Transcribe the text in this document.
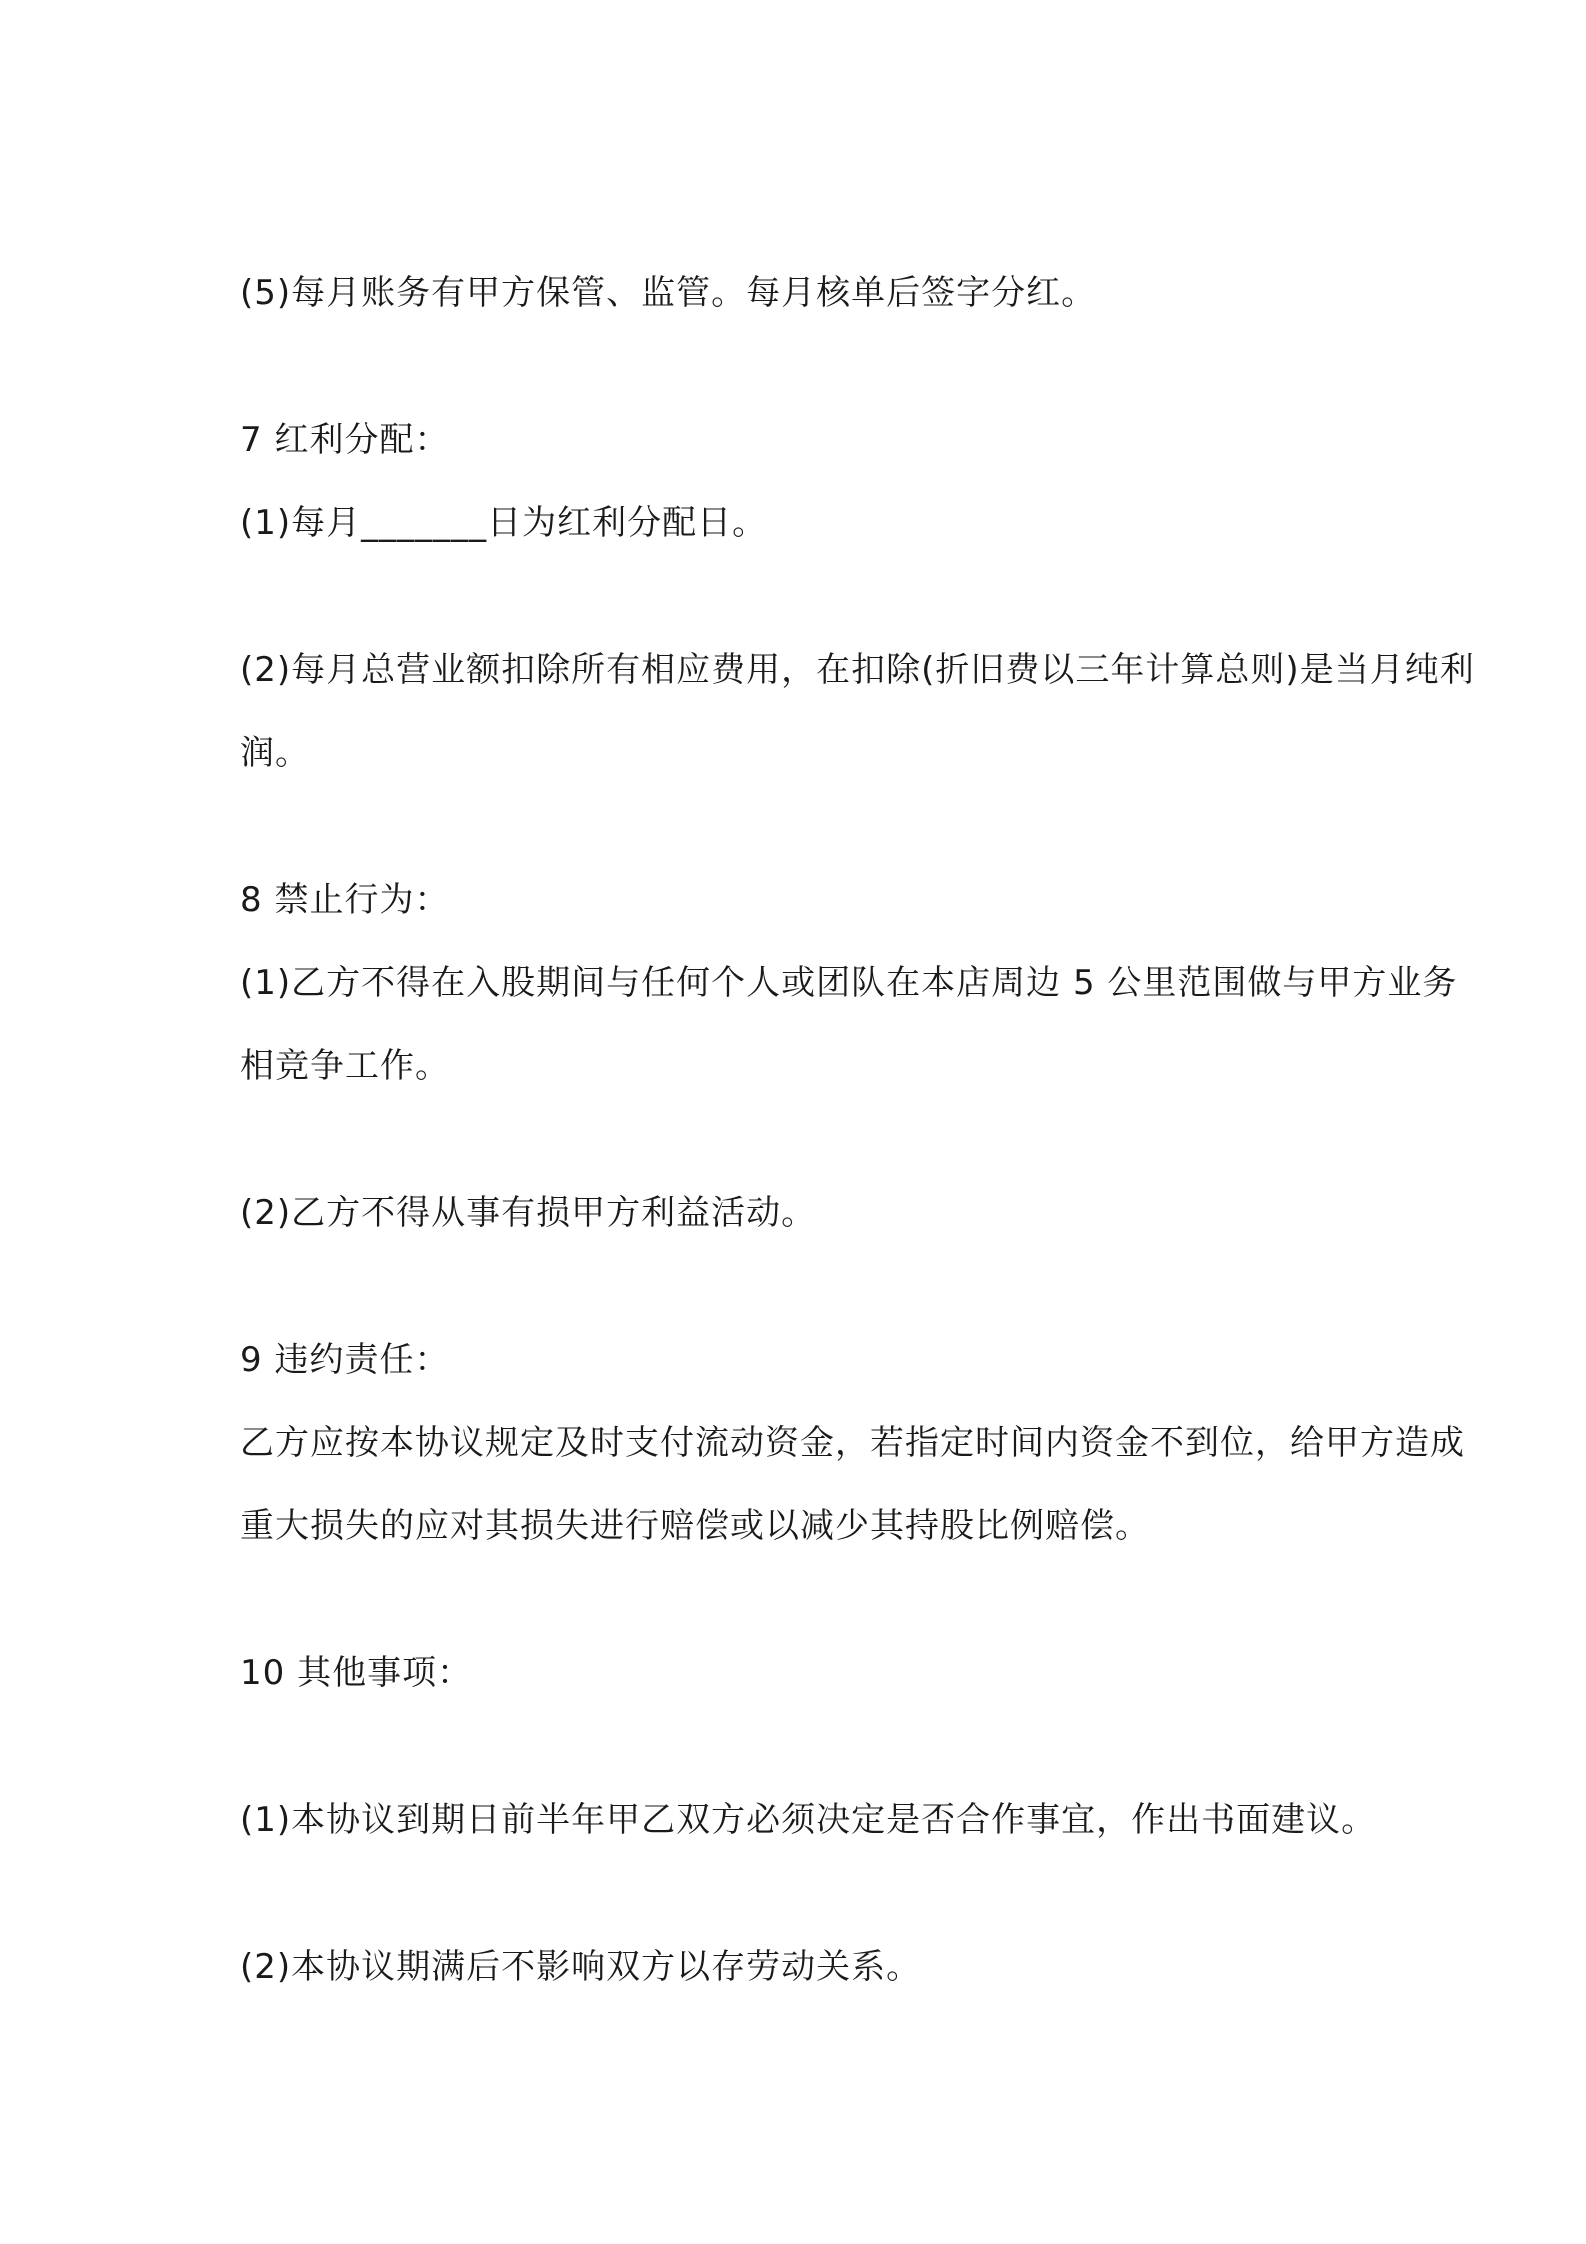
(5)每月账务有甲方保管、监管。每月核单后签字分红。
7 红利分配：
(1)每月_______日为红利分配日。
(2)每月总营业额扣除所有相应费用，在扣除(折旧费以三年计算总则)是当月纯利
润。
8 禁止行为：
(1)乙方不得在入股期间与任何个人或团队在本店周边 5 公里范围做与甲方业务
相竞争工作。
(2)乙方不得从事有损甲方利益活动。
9 违约责任：
乙方应按本协议规定及时支付流动资金，若指定时间内资金不到位，给甲方造成
重大损失的应对其损失进行赔偿或以减少其持股比例赔偿。
10 其他事项：
(1)本协议到期日前半年甲乙双方必须决定是否合作事宜，作出书面建议。
(2)本协议期满后不影响双方以存劳动关系。
